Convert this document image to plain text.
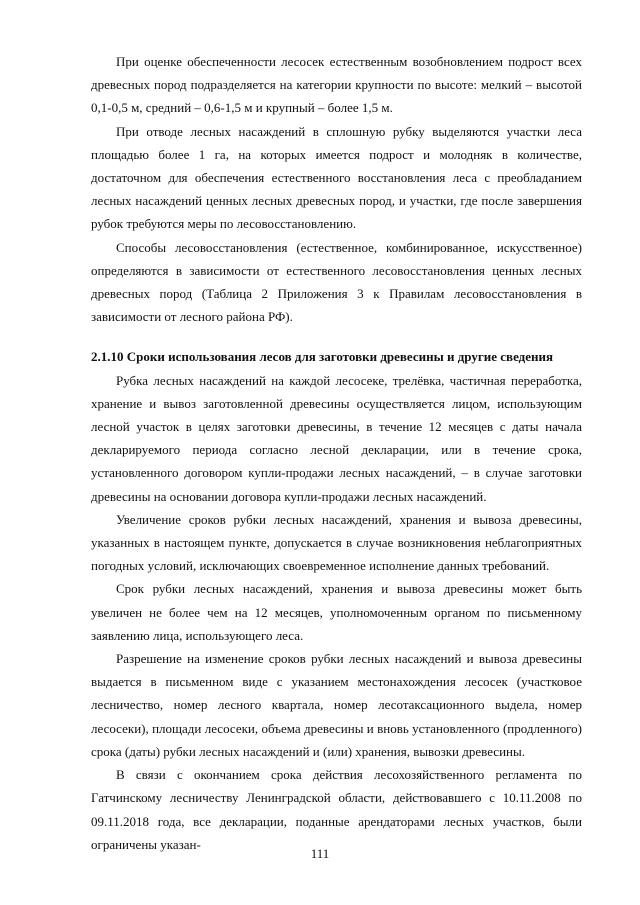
При оценке обеспеченности лесосек естественным возобновлением подрост всех древесных пород подразделяется на категории крупности по высоте: мелкий – высотой 0,1-0,5 м, средний – 0,6-1,5 м и крупный – более 1,5 м.

При отводе лесных насаждений в сплошную рубку выделяются участки леса площадью более 1 га, на которых имеется подрост и молодняк в количестве, достаточном для обеспечения естественного восстановления леса с преобладанием лесных насаждений ценных лесных древесных пород, и участки, где после завершения рубок требуются меры по лесовосстановлению.

Способы лесовосстановления (естественное, комбинированное, искусственное) определяются в зависимости от естественного лесовосстановления ценных лесных древесных пород (Таблица 2 Приложения 3 к Правилам лесовосстановления в зависимости от лесного района РФ).

2.1.10 Сроки использования лесов для заготовки древесины и другие сведения

Рубка лесных насаждений на каждой лесосеке, трелёвка, частичная переработка, хранение и вывоз заготовленной древесины осуществляется лицом, использующим лесной участок в целях заготовки древесины, в течение 12 месяцев с даты начала декларируемого периода согласно лесной декларации, или в течение срока, установленного договором купли-продажи лесных насаждений, – в случае заготовки древесины на основании договора купли-продажи лесных насаждений.

Увеличение сроков рубки лесных насаждений, хранения и вывоза древесины, указанных в настоящем пункте, допускается в случае возникновения неблагоприятных погодных условий, исключающих своевременное исполнение данных требований.

Срок рубки лесных насаждений, хранения и вывоза древесины может быть увеличен не более чем на 12 месяцев, уполномоченным органом по письменному заявлению лица, использующего леса.

Разрешение на изменение сроков рубки лесных насаждений и вывоза древесины выдается в письменном виде с указанием местонахождения лесосек (участковое лесничество, номер лесного квартала, номер лесотаксационного выдела, номер лесосеки), площади лесосеки, объема древесины и вновь установленного (продленного) срока (даты) рубки лесных насаждений и (или) хранения, вывозки древесины.

В связи с окончанием срока действия лесохозяйственного регламента по Гатчинскому лесничеству Ленинградской области, действовавшего с 10.11.2008 по 09.11.2018 года, все декларации, поданные арендаторами лесных участков, были ограничены указан-

111
